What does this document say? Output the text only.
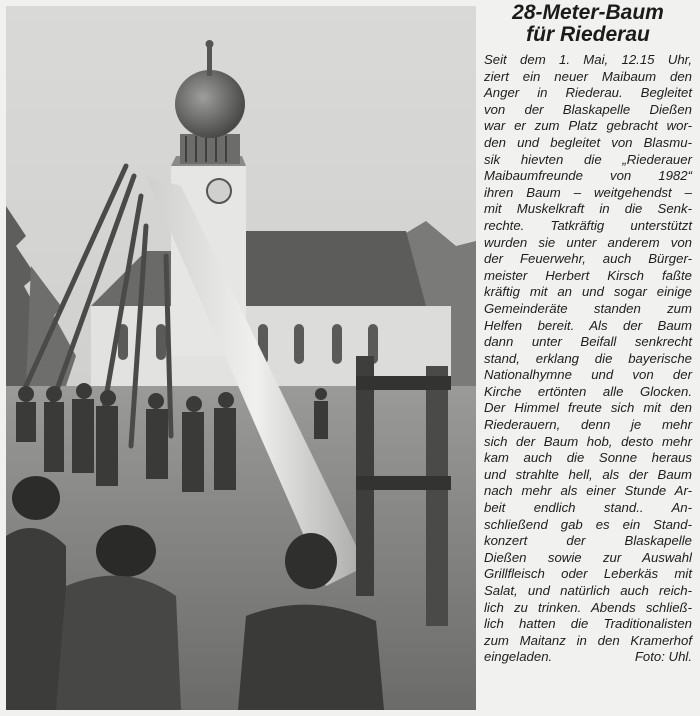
28-Meter-Baum
für Riederau
Seit dem 1. Mai, 12.15 Uhr,
ziert ein neuer Maibaum den
Anger in Riederau. Begleitet
von der Blaskapelle Dießen
war er zum Platz gebracht wor-
den und begleitet von Blasmu-
sik hievten die „Riederauer
Maibaumfreunde von 1982“
ihren Baum – weitgehendst –
mit Muskelkraft in die Senk-
rechte. Tatkräftig unterstützt
wurden sie unter anderem von
der Feuerwehr, auch Bürger-
meister Herbert Kirsch faßte
kräftig mit an und sogar einige
Gemeinderäte standen zum
Helfen bereit. Als der Baum
dann unter Beifall senkrecht
stand, erklang die bayerische
Nationalhymne und von der
Kirche ertönten alle Glocken.
Der Himmel freute sich mit den
Riederauern, denn je mehr
sich der Baum hob, desto mehr
kam auch die Sonne heraus
und strahlte hell, als der Baum
nach mehr als einer Stunde Ar-
beit endlich stand.. An-
schließend gab es ein Stand-
konzert der Blaskapelle
Dießen sowie zur Auswahl
Grillfleisch oder Leberkäs mit
Salat, und natürlich auch reich-
lich zu trinken. Abends schließ-
lich hatten die Traditionalisten
zum Maitanz in den Kramerhof
eingeladen.	Foto: Uhl.
